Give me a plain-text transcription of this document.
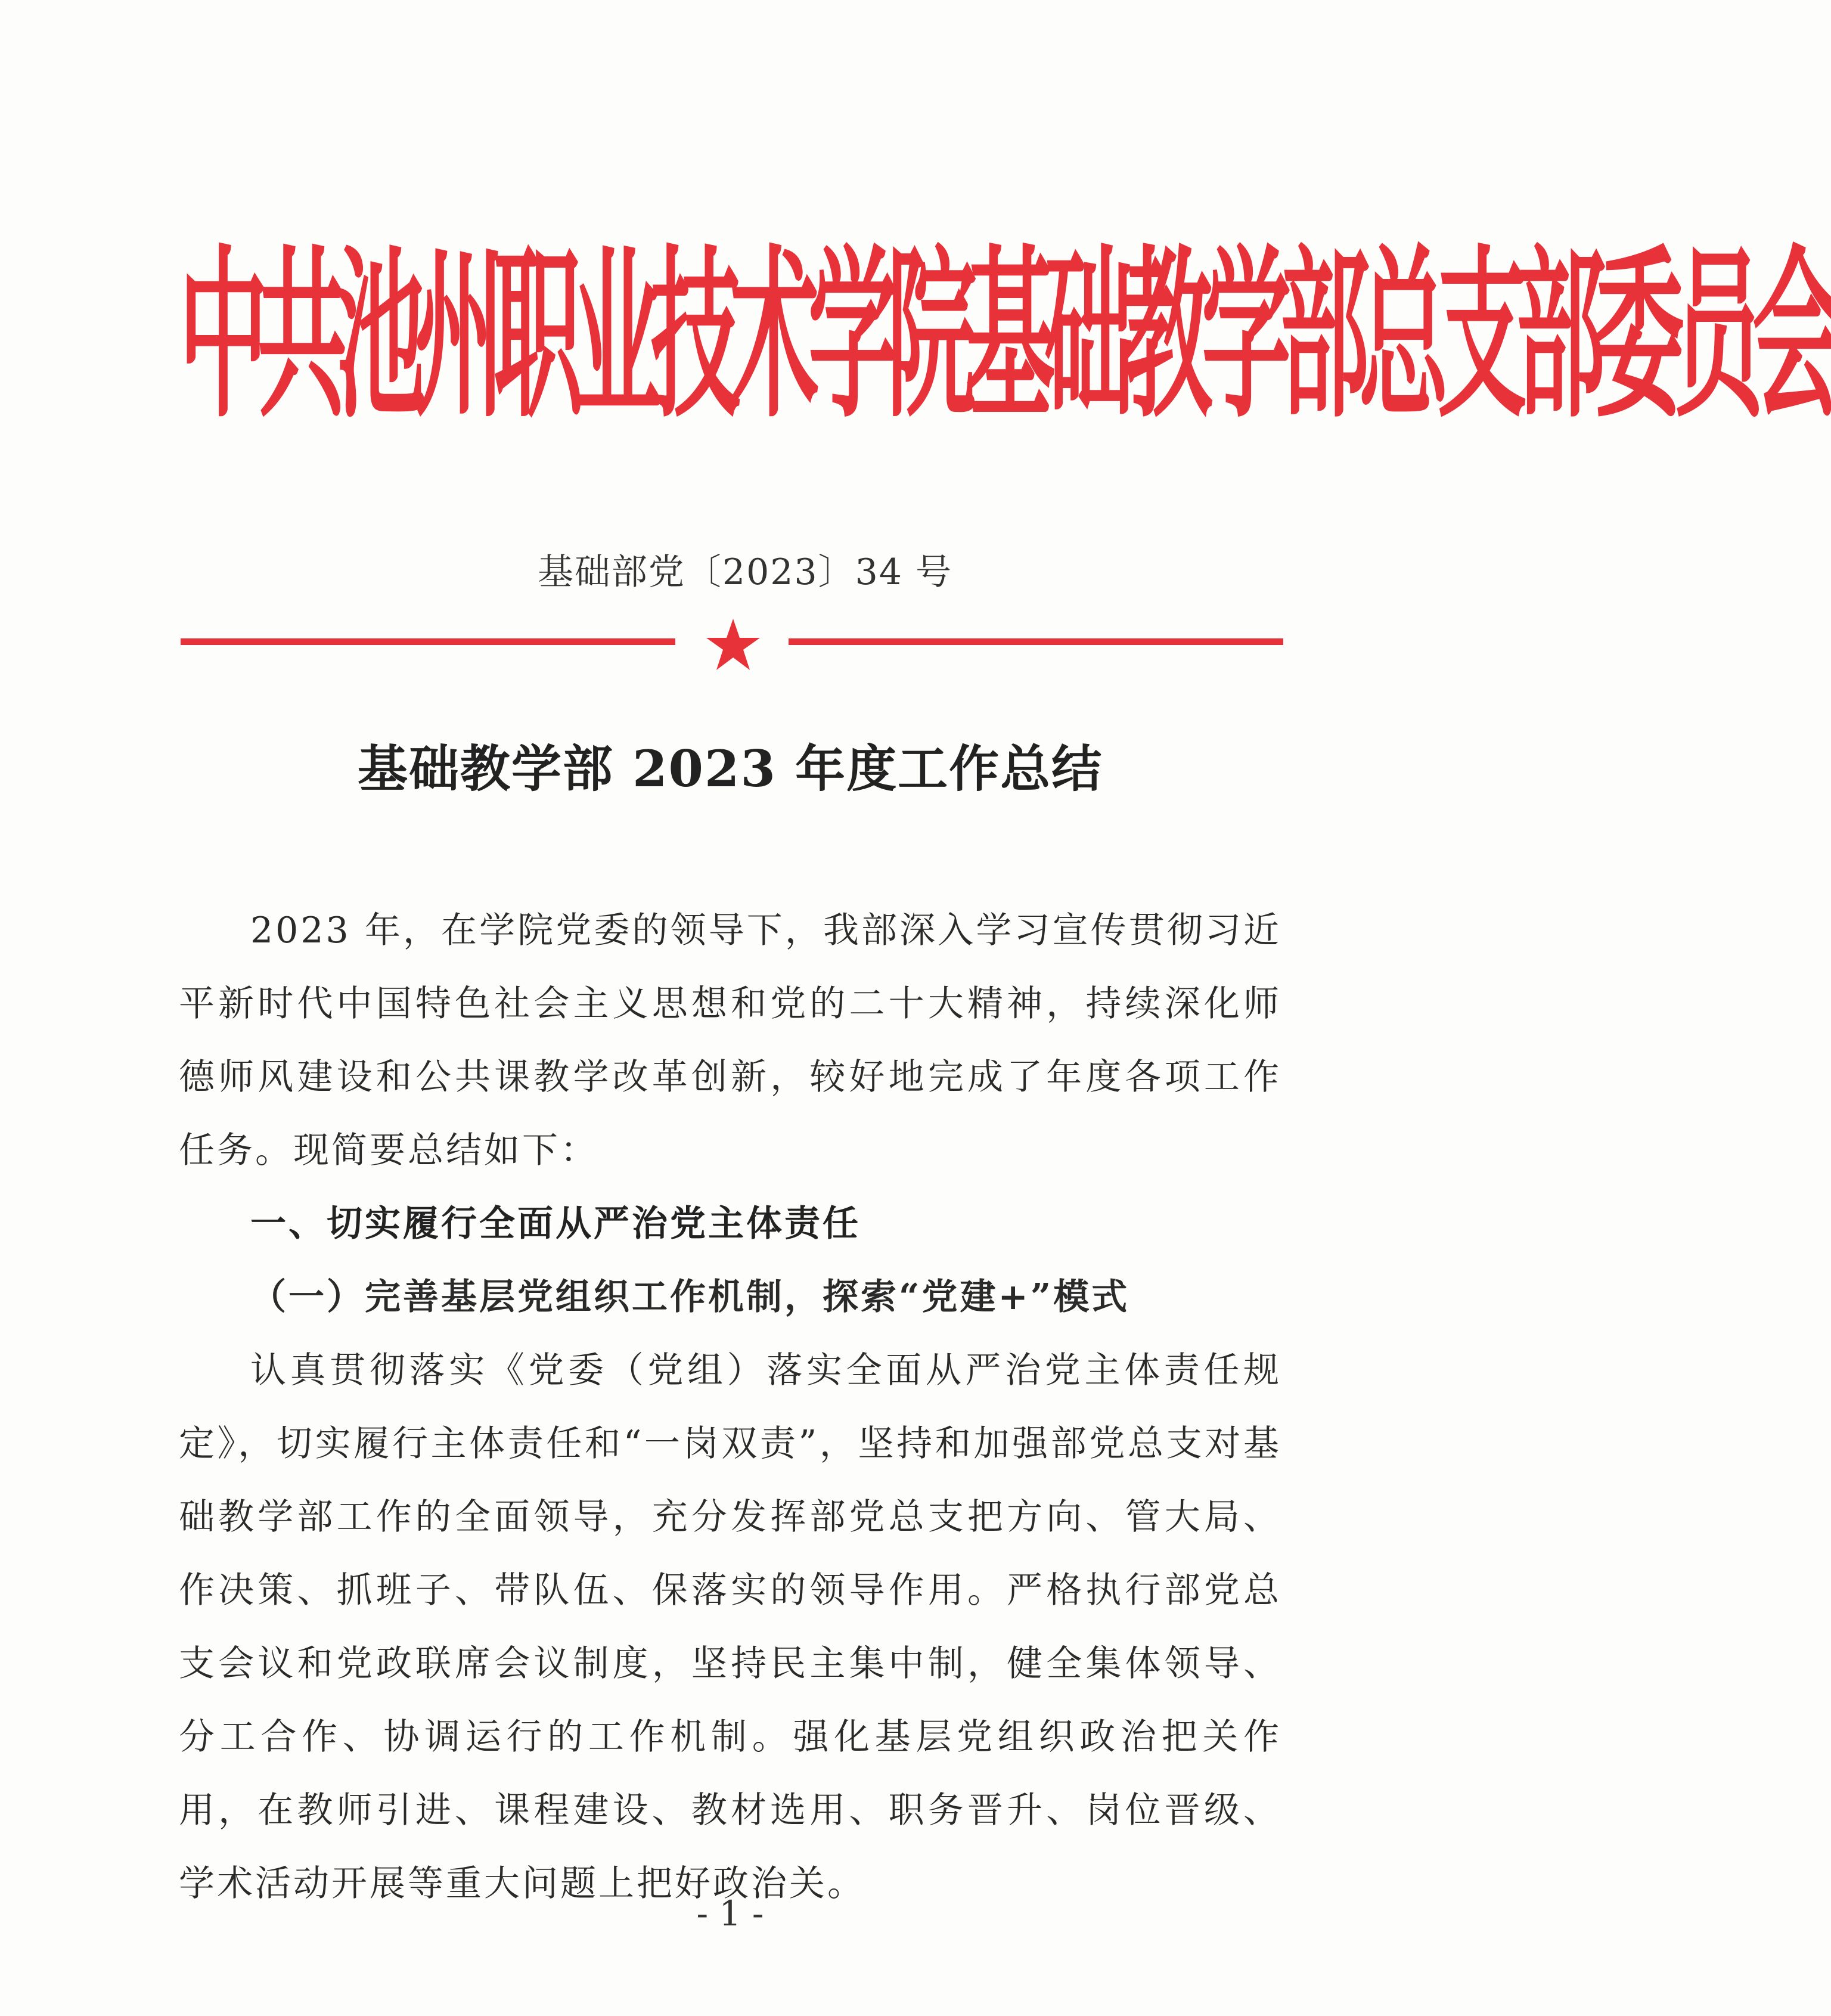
中共池州职业技术学院基础教学部总支部委员会
基础部党〔2023〕34 号
基础教学部 2023 年度工作总结

2023 年，在学院党委的领导下，我部深入学习宣传贯彻习近平新时代中国特色社会主义思想和党的二十大精神，持续深化师德师风建设和公共课教学改革创新，较好地完成了年度各项工作任务。现简要总结如下：

一、切实履行全面从严治党主体责任

（一）完善基层党组织工作机制，探索“党建+”模式

认真贯彻落实《党委（党组）落实全面从严治党主体责任规定》，切实履行主体责任和“一岗双责”，坚持和加强部党总支对基础教学部工作的全面领导，充分发挥部党总支把方向、管大局、作决策、抓班子、带队伍、保落实的领导作用。严格执行部党总支会议和党政联席会议制度，坚持民主集中制，健全集体领导、分工合作、协调运行的工作机制。强化基层党组织政治把关作用，在教师引进、课程建设、教材选用、职务晋升、岗位晋级、学术活动开展等重大问题上把好政治关。

- 1 -
